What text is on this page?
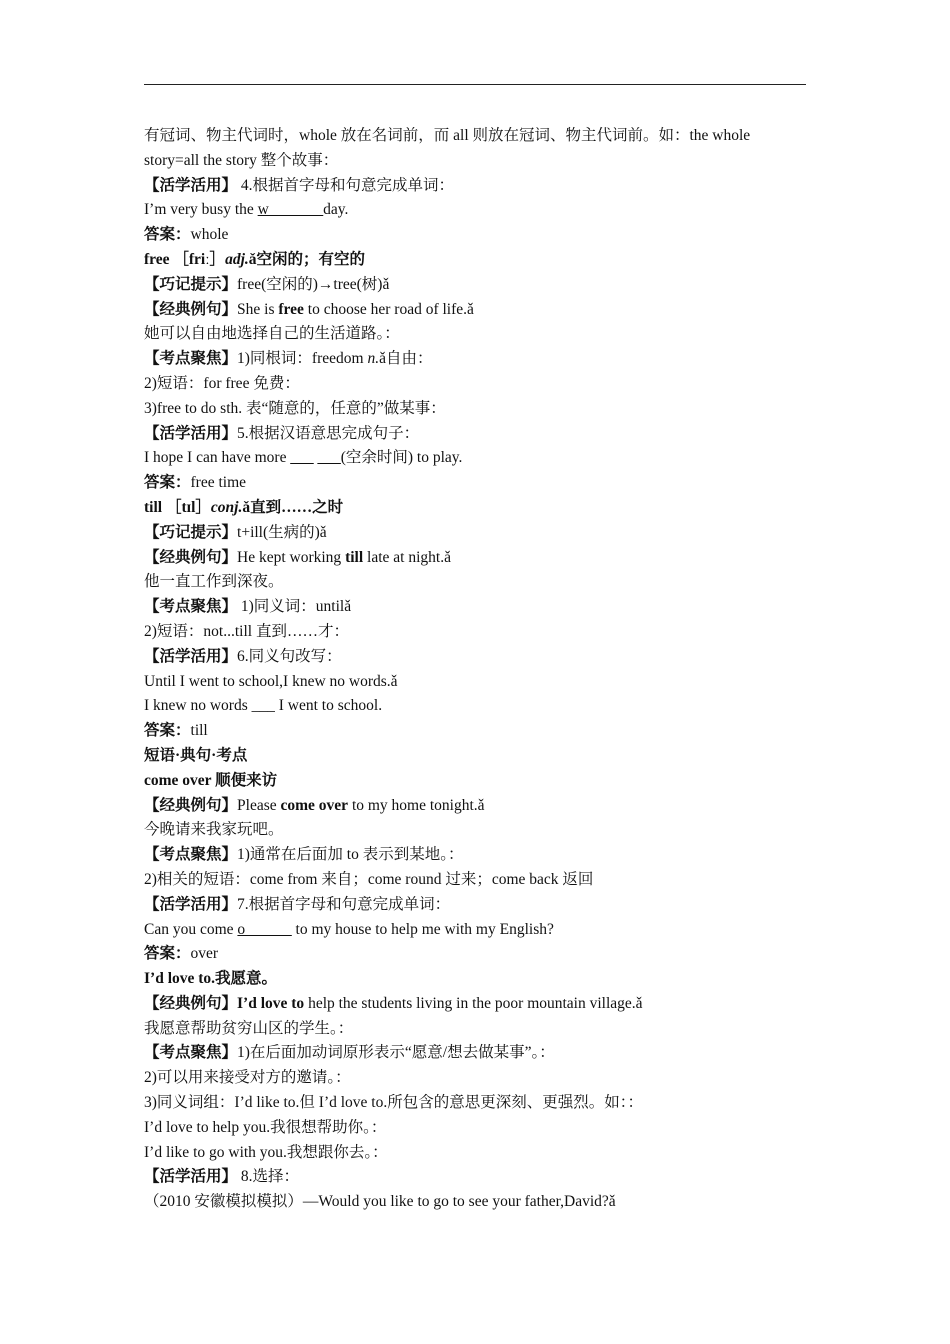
有冠词、物主代词时，whole 放在名词前，而 all 则放在冠词、物主代词前。如：the whole
story=all the story 整个故事：
【活学活用】 4.根据首字母和句意完成单词：
I’m very busy the w_______day.
答案：whole
free ［friː］adj.ǎ空闲的；有空的
【巧记提示】free(空闲的)→tree(树)ǎ
【经典例句】She is free to choose her road of life.ǎ
她可以自由地选择自己的生活道路。：
【考点聚焦】1)同根词：freedom n.ǎ自由：
2)短语：for free 免费：
3)free to do sth. 表“随意的，任意的”做某事：
【活学活用】5.根据汉语意思完成句子：
I hope I can have more ___ ___(空余时间) to play.
答案：free time
till ［tɪl］conj.ǎ直到……之时
【巧记提示】t+ill(生病的)ǎ
【经典例句】He kept working till late at night.ǎ
他一直工作到深夜。
【考点聚焦】 1)同义词：untilǎ
2)短语：not...till 直到……才：
【活学活用】6.同义句改写：
Until I went to school,I knew no words.ǎ
I knew no words ___ I went to school.
答案：till
短语·典句·考点
come over 顺便来访
【经典例句】Please come over to my home tonight.ǎ
今晚请来我家玩吧。
【考点聚焦】1)通常在后面加 to 表示到某地。：
2)相关的短语：come from 来自；come round 过来；come back 返回
【活学活用】7.根据首字母和句意完成单词：
Can you come o______ to my house to help me with my English?
答案：over
I’d love to.我愿意。
【经典例句】I’d love to help the students living in the poor mountain village.ǎ
我愿意帮助贫穷山区的学生。：
【考点聚焦】1)在后面加动词原形表示“愿意/想去做某事”。：
2)可以用来接受对方的邀请。：
3)同义词组：I’d like to.但 I’d love to.所包含的意思更深刻、更强烈。如：：
I’d love to help you.我很想帮助你。：
I’d like to go with you.我想跟你去。：
【活学活用】 8.选择：
（2010 安徽模拟模拟）—Would you like to go to see your father,David?ǎ
